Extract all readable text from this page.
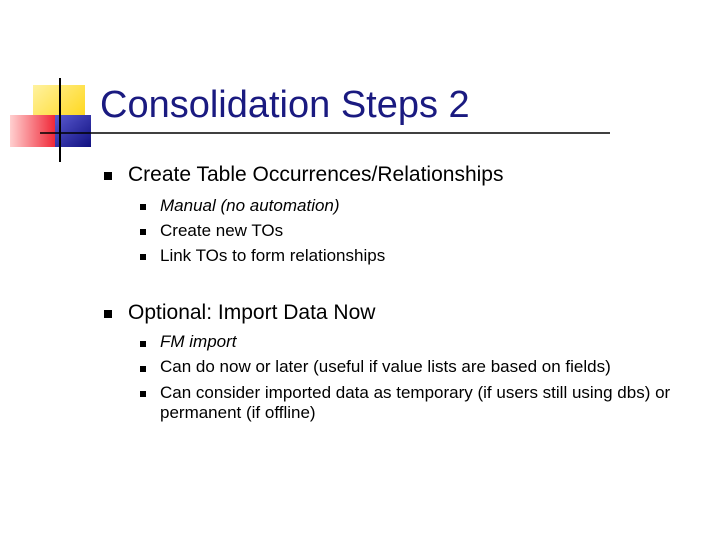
Consolidation Steps 2
Create Table Occurrences/Relationships
Manual (no automation)
Create new TOs
Link TOs to form relationships
Optional: Import Data Now
FM import
Can do now or later (useful if value lists are based on fields)
Can consider imported data as temporary (if users still using dbs) or permanent (if offline)
